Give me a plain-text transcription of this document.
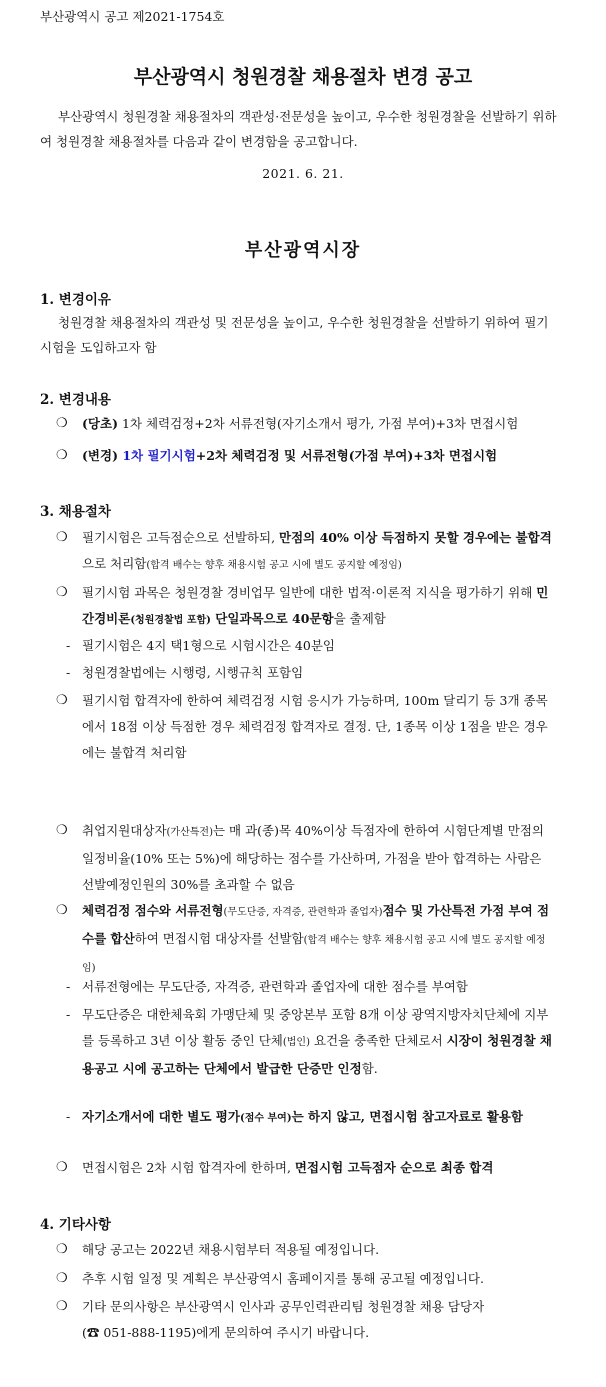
부산광역시 공고 제2021-1754호
부산광역시 청원경찰 채용절차 변경 공고
부산광역시 청원경찰 채용절차의 객관성·전문성을 높이고, 우수한 청원경찰을 선발하기 위하여 청원경찰 채용절차를 다음과 같이 변경함을 공고합니다.
2021. 6. 21.
부산광역시장
1. 변경이유
청원경찰 채용절차의 객관성 및 전문성을 높이고, 우수한 청원경찰을 선발하기 위하여 필기시험을 도입하고자 함
2. 변경내용
❍ (당초) 1차 체력검정+2차 서류전형(자기소개서 평가, 가점 부여)+3차 면접시험
❍ (변경) 1차 필기시험+2차 체력검정 및 서류전형(가점 부여)+3차 면접시험
3. 채용절차
❍ 필기시험은 고득점순으로 선발하되, 만점의 40% 이상 득점하지 못할 경우에는 불합격으로 처리함(합격 배수는 향후 채용시험 공고 시에 별도 공지할 예정임)
❍ 필기시험 과목은 청원경찰 경비업무 일반에 대한 법적·이론적 지식을 평가하기 위해 민간경비론(청원경찰법 포함) 단일과목으로 40문항을 출제함
- 필기시험은 4지 택1형으로 시험시간은 40분임
- 청원경찰법에는 시행령, 시행규칙 포함임
❍ 필기시험 합격자에 한하여 체력검정 시험 응시가 가능하며, 100m 달리기 등 3개 종목에서 18점 이상 득점한 경우 체력검정 합격자로 결정. 단, 1종목 이상 1점을 받은 경우에는 불합격 처리함
❍ 취업지원대상자(가산특전)는 매 과(종)목 40%이상 득점자에 한하여 시험단계별 만점의 일정비율(10% 또는 5%)에 해당하는 점수를 가산하며, 가점을 받아 합격하는 사람은 선발예정인원의 30%를 초과할 수 없음
❍ 체력검정 점수와 서류전형(무도단증, 자격증, 관련학과 졸업자)점수 및 가산특전 가점 부여 점수를 합산하여 면접시험 대상자를 선발함(합격 배수는 향후 채용시험 공고 시에 별도 공지할 예정임)
- 서류전형에는 무도단증, 자격증, 관련학과 졸업자에 대한 점수를 부여함
- 무도단증은 대한체육회 가맹단체 및 중앙본부 포함 8개 이상 광역지방자치단체에 지부를 등록하고 3년 이상 활동 중인 단체(법인) 요건을 충족한 단체로서 시장이 청원경찰 채용공고 시에 공고하는 단체에서 발급한 단증만 인정함.
- 자기소개서에 대한 별도 평가(점수 부여)는 하지 않고, 면접시험 참고자료로 활용함
❍ 면접시험은 2차 시험 합격자에 한하며, 면접시험 고득점자 순으로 최종 합격
4. 기타사항
❍ 해당 공고는 2022년 채용시험부터 적용될 예정입니다.
❍ 추후 시험 일정 및 계획은 부산광역시 홈페이지를 통해 공고될 예정입니다.
❍ 기타 문의사항은 부산광역시 인사과 공무인력관리팀 청원경찰 채용 담당자
(☎ 051-888-1195)에게 문의하여 주시기 바랍니다.
